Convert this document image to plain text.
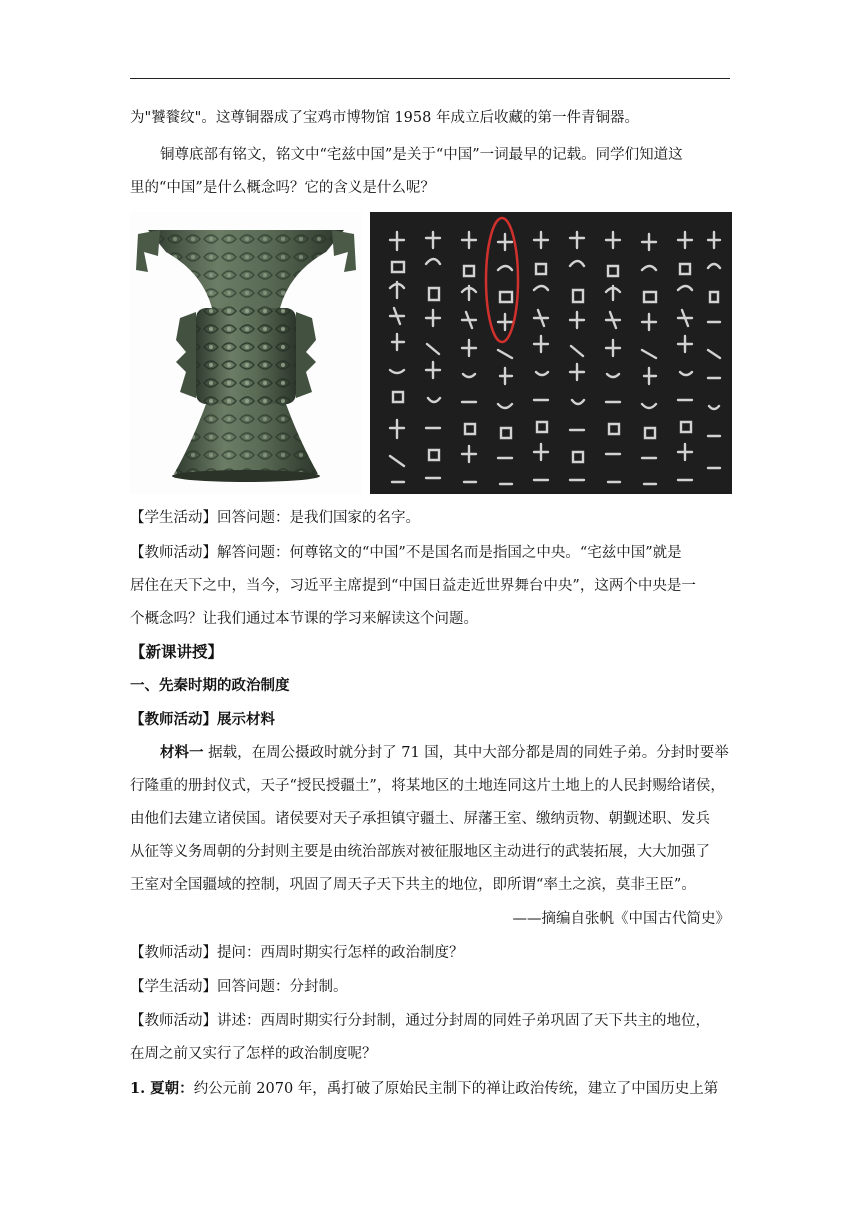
为"饕餮纹"。这尊铜器成了宝鸡市博物馆 1958 年成立后收藏的第一件青铜器。
铜尊底部有铭文，铭文中“宅兹中国”是关于“中国”一词最早的记载。同学们知道这
里的“中国”是什么概念吗？它的含义是什么呢？
【学生活动】回答问题：是我们国家的名字。
【教师活动】解答问题：何尊铭文的“中国”不是国名而是指国之中央。“宅兹中国”就是
居住在天下之中，当今，习近平主席提到“中国日益走近世界舞台中央”，这两个中央是一
个概念吗？让我们通过本节课的学习来解读这个问题。
【新课讲授】
一、先秦时期的政治制度
【教师活动】展示材料
材料一 据载，在周公摄政时就分封了 71 国，其中大部分都是周的同姓子弟。分封时要举
行隆重的册封仪式，天子“授民授疆土”，将某地区的土地连同这片土地上的人民封赐给诸侯，
由他们去建立诸侯国。诸侯要对天子承担镇守疆土、屏藩王室、缴纳贡物、朝觐述职、发兵
从征等义务周朝的分封则主要是由统治部族对被征服地区主动进行的武装拓展，大大加强了
王室对全国疆域的控制，巩固了周天子天下共主的地位，即所谓“率土之滨，莫非王臣”。
——摘编自张帆《中国古代简史》
【教师活动】提问：西周时期实行怎样的政治制度？
【学生活动】回答问题：分封制。
【教师活动】讲述：西周时期实行分封制，通过分封周的同姓子弟巩固了天下共主的地位，
在周之前又实行了怎样的政治制度呢？
1. 夏朝：约公元前 2070 年，禹打破了原始民主制下的禅让政治传统，建立了中国历史上第
